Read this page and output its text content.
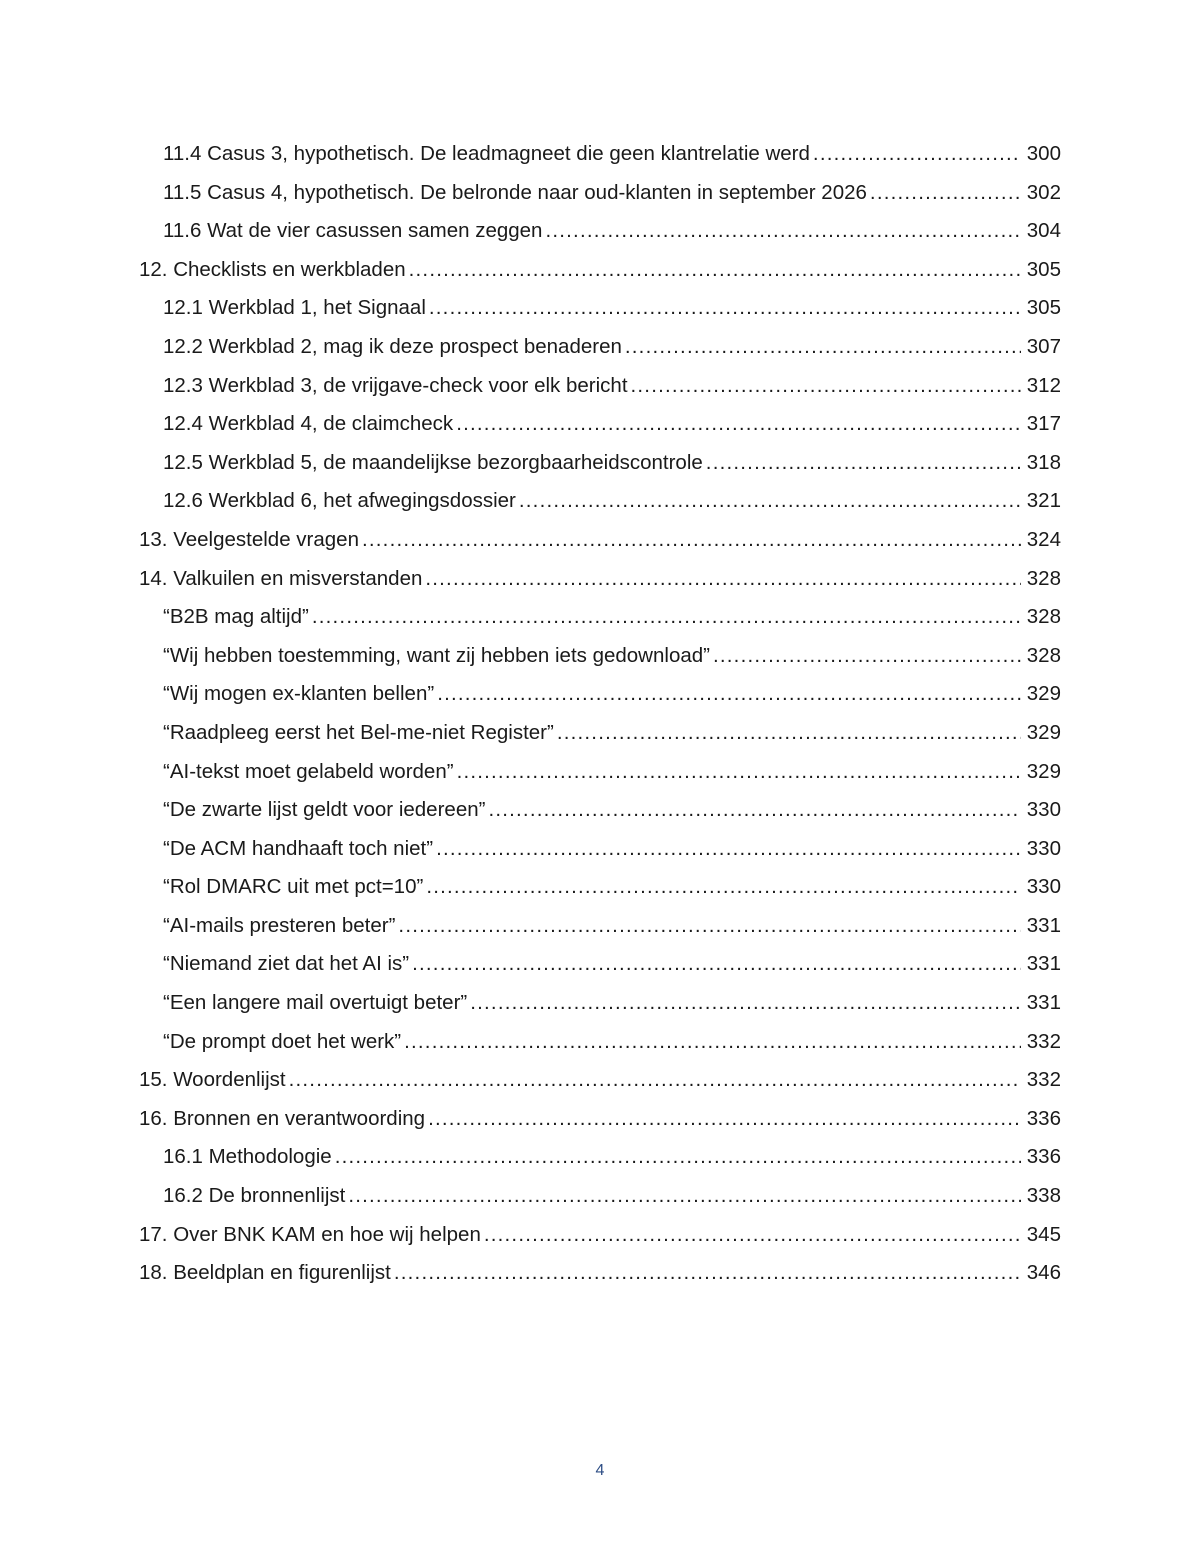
11.4 Casus 3, hypothetisch. De leadmagneet die geen klantrelatie werd .....	300
11.5 Casus 4, hypothetisch. De belronde naar oud-klanten in september 2026 .....	302
11.6 Wat de vier casussen samen zeggen .....	304
12. Checklists en werkbladen .....	305
12.1 Werkblad 1, het Signaal .....	305
12.2 Werkblad 2, mag ik deze prospect benaderen .....	307
12.3 Werkblad 3, de vrijgave-check voor elk bericht .....	312
12.4 Werkblad 4, de claimcheck .....	317
12.5 Werkblad 5, de maandelijkse bezorgbaarheidscontrole .....	318
12.6 Werkblad 6, het afwegingsdossier .....	321
13. Veelgestelde vragen .....	324
14. Valkuilen en misverstanden .....	328
“B2B mag altijd” .....	328
“Wij hebben toestemming, want zij hebben iets gedownload” .....	328
“Wij mogen ex-klanten bellen” .....	329
“Raadpleeg eerst het Bel-me-niet Register” .....	329
“AI-tekst moet gelabeld worden” .....	329
“De zwarte lijst geldt voor iedereen” .....	330
“De ACM handhaaft toch niet” .....	330
“Rol DMARC uit met pct=10” .....	330
“AI-mails presteren beter” .....	331
“Niemand ziet dat het AI is” .....	331
“Een langere mail overtuigt beter” .....	331
“De prompt doet het werk” .....	332
15. Woordenlijst .....	332
16. Bronnen en verantwoording .....	336
16.1 Methodologie .....	336
16.2 De bronnenlijst .....	338
17. Over BNK KAM en hoe wij helpen .....	345
18. Beeldplan en figurenlijst .....	346
4
